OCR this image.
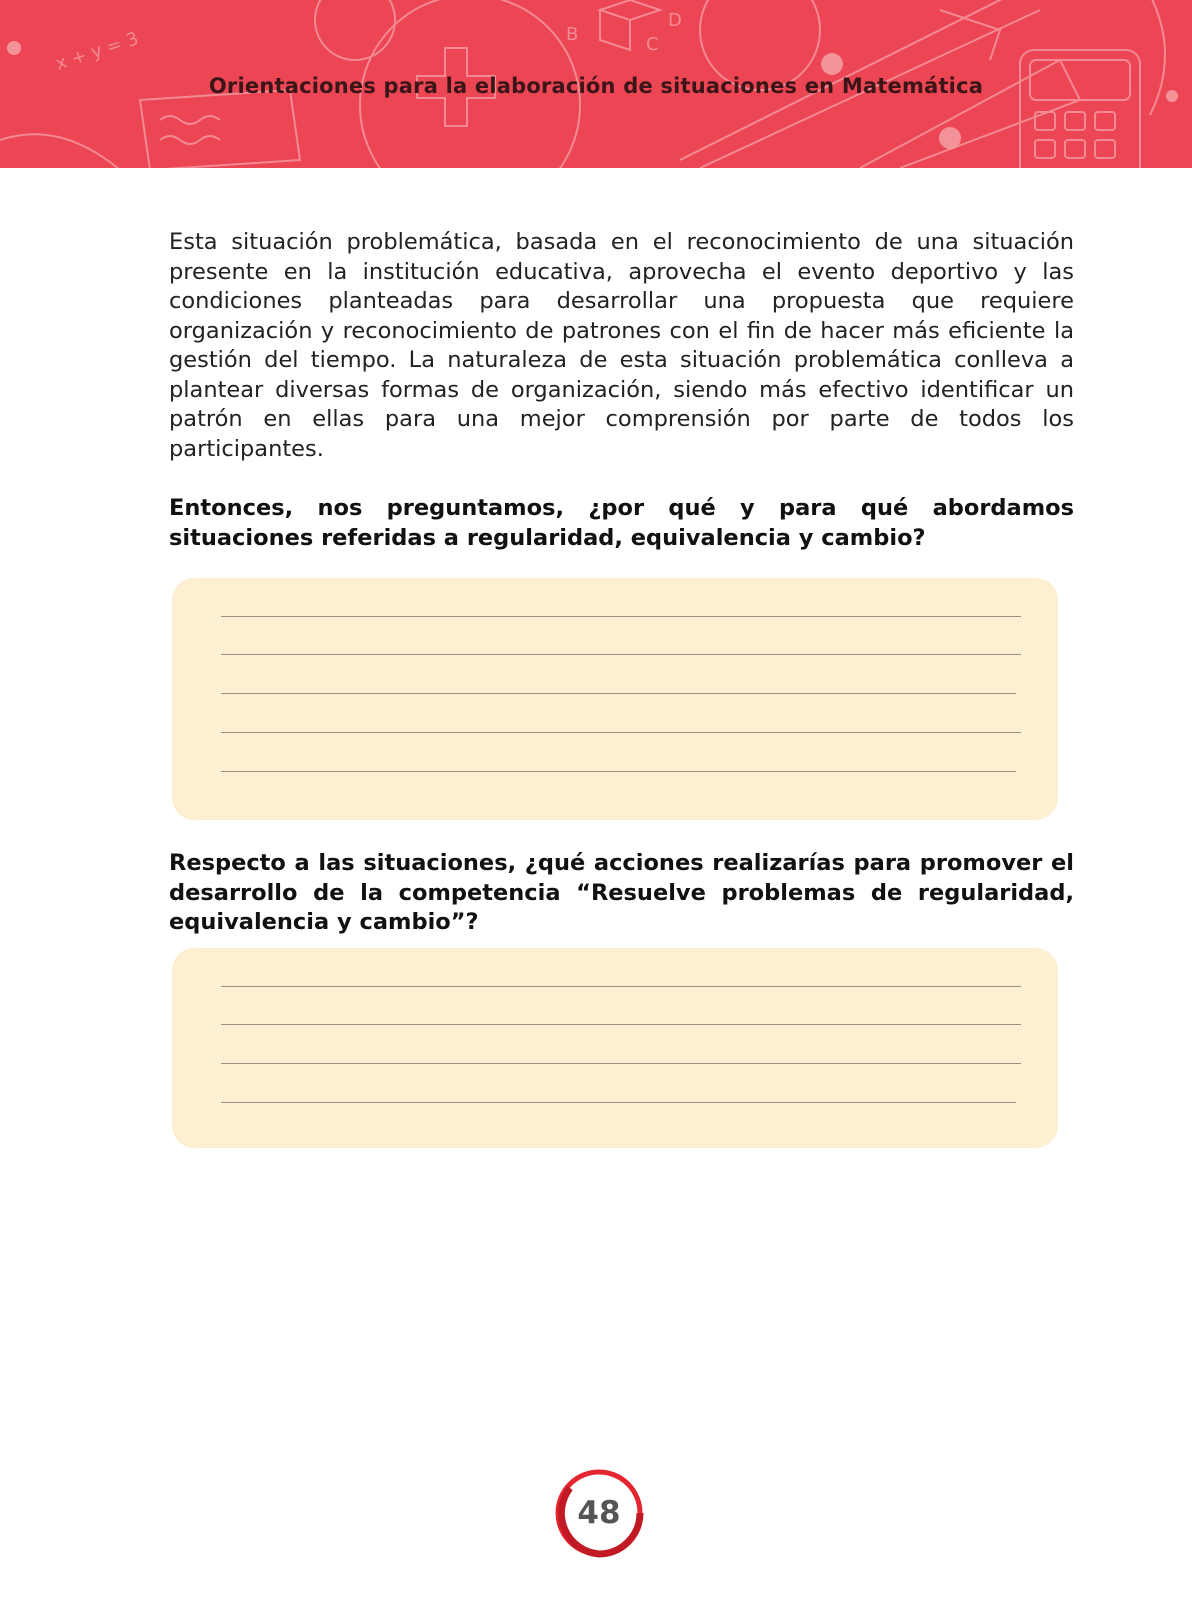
x + y = 3	B	C
D
Orientaciones para la elaboración de situaciones en Matemática

Esta situación problemática, basada en el reconocimiento de una situación presente en la institución educativa, aprovecha el evento deportivo y las condiciones planteadas para desarrollar una propuesta que requiere organización y reconocimiento de patrones con el fin de hacer más eficiente la gestión del tiempo. La naturaleza de esta situación problemática conlleva a plantear diversas formas de organización, siendo más efectivo identificar un patrón en ellas para una mejor comprensión por parte de todos los participantes.

Entonces, nos preguntamos, ¿por qué y para qué abordamos situaciones referidas a regularidad, equivalencia y cambio?

Respecto a las situaciones, ¿qué acciones realizarías para promover el desarrollo de la competencia “Resuelve problemas de regularidad, equivalencia y cambio”?

48
